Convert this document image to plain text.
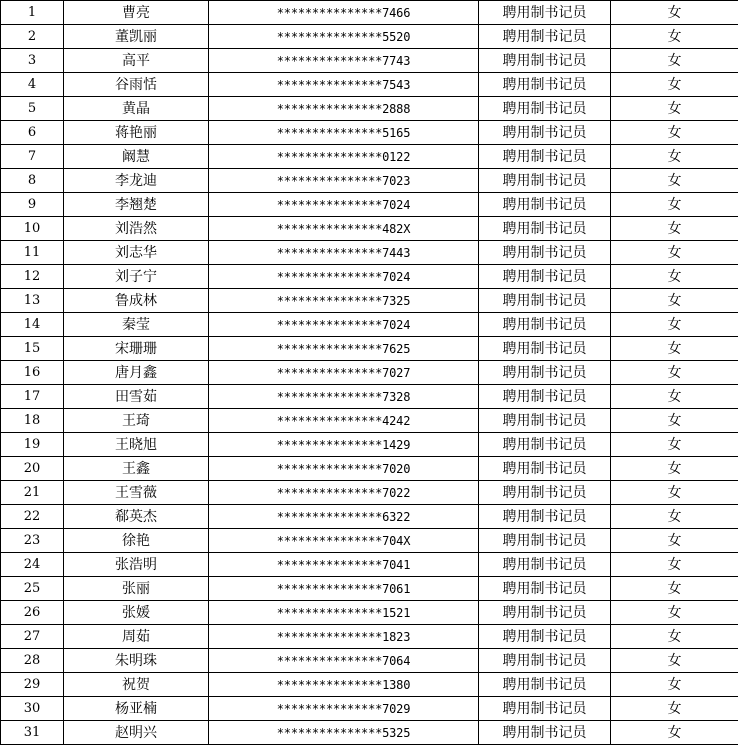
1	曹亮	***************7466	聘用制书记员	女
2	董凯丽	***************5520	聘用制书记员	女
3	高平	***************7743	聘用制书记员	女
4	谷雨恬	***************7543	聘用制书记员	女
5	黄晶	***************2888	聘用制书记员	女
6	蒋艳丽	***************5165	聘用制书记员	女
7	阚慧	***************0122	聘用制书记员	女
8	李龙迪	***************7023	聘用制书记员	女
9	李翘楚	***************7024	聘用制书记员	女
10	刘浩然	***************482X	聘用制书记员	女
11	刘志华	***************7443	聘用制书记员	女
12	刘子宁	***************7024	聘用制书记员	女
13	鲁成林	***************7325	聘用制书记员	女
14	秦莹	***************7024	聘用制书记员	女
15	宋珊珊	***************7625	聘用制书记员	女
16	唐月鑫	***************7027	聘用制书记员	女
17	田雪茹	***************7328	聘用制书记员	女
18	王琦	***************4242	聘用制书记员	女
19	王晓旭	***************1429	聘用制书记员	女
20	王鑫	***************7020	聘用制书记员	女
21	王雪薇	***************7022	聘用制书记员	女
22	郗英杰	***************6322	聘用制书记员	女
23	徐艳	***************704X	聘用制书记员	女
24	张浩明	***************7041	聘用制书记员	女
25	张丽	***************7061	聘用制书记员	女
26	张媛	***************1521	聘用制书记员	女
27	周茹	***************1823	聘用制书记员	女
28	朱明珠	***************7064	聘用制书记员	女
29	祝贺	***************1380	聘用制书记员	女
30	杨亚楠	***************7029	聘用制书记员	女
31	赵明兴	***************5325	聘用制书记员	女
